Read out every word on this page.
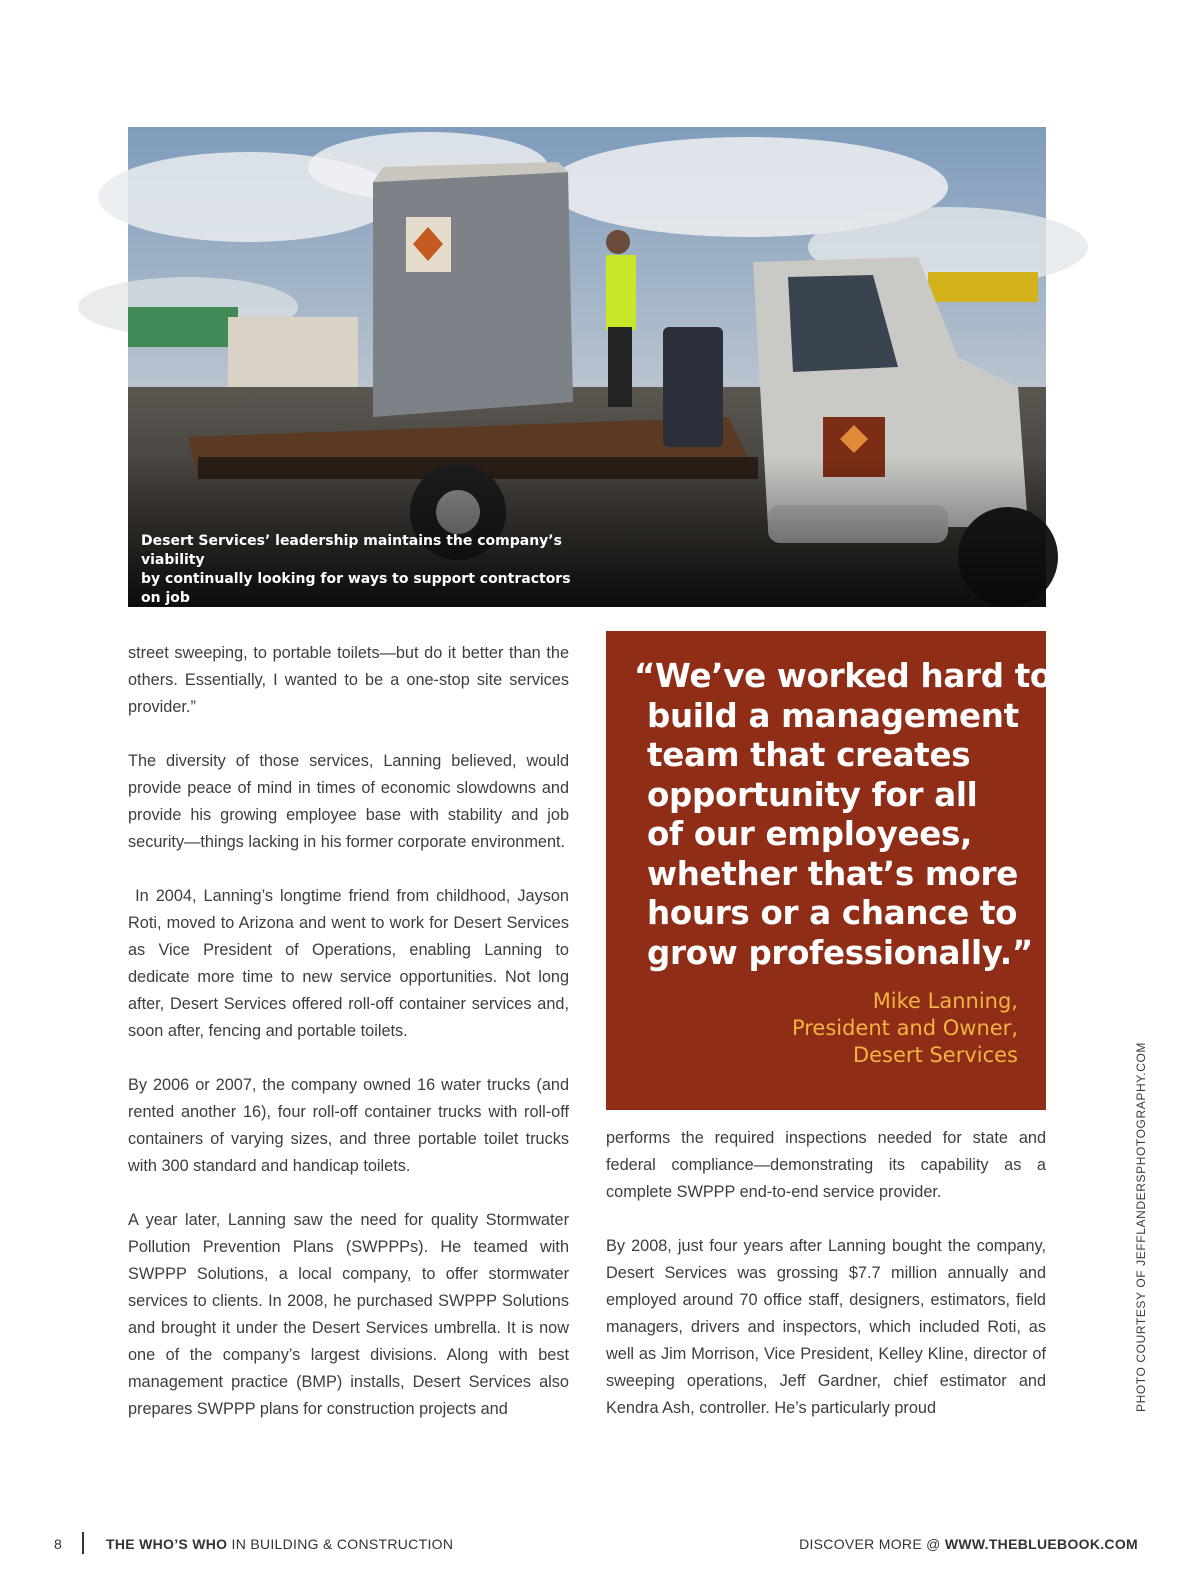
Desert Services’ leadership maintains the company’s viability
by continually looking for ways to support contractors on job
sites. Portable toilets is one such area.

street sweeping, to portable toilets—but do it better than the others. Essentially, I wanted to be a one-stop site services provider.”

The diversity of those services, Lanning believed, would provide peace of mind in times of economic slowdowns and provide his growing employee base with stability and job security—things lacking in his former corporate environment.

In 2004, Lanning’s longtime friend from childhood, Jayson Roti, moved to Arizona and went to work for Desert Services as Vice President of Operations, enabling Lanning to dedicate more time to new service opportunities. Not long after, Desert Services offered roll-off container services and, soon after, fencing and portable toilets.

By 2006 or 2007, the company owned 16 water trucks (and rented another 16), four roll-off container trucks with roll-off containers of varying sizes, and three portable toilet trucks with 300 standard and handicap toilets.

A year later, Lanning saw the need for quality Stormwater Pollution Prevention Plans (SWPPPs). He teamed with SWPPP Solutions, a local company, to offer stormwater services to clients. In 2008, he purchased SWPPP Solutions and brought it under the Desert Services umbrella. It is now one of the company’s largest divisions. Along with best management practice (BMP) installs, Desert Services also prepares SWPPP plans for construction projects and

“We’ve worked hard to
build a management
team that creates
opportunity for all
of our employees,
whether that’s more
hours or a chance to
grow professionally.”
Mike Lanning,
President and Owner,
Desert Services

performs the required inspections needed for state and federal compliance—demonstrating its capability as a complete SWPPP end-to-end service provider.

By 2008, just four years after Lanning bought the company, Desert Services was grossing $7.7 million annually and employed around 70 office staff, designers, estimators, field managers, drivers and inspectors, which included Roti, as well as Jim Morrison, Vice President, Kelley Kline, director of sweeping operations, Jeff Gardner, chief estimator and Kendra Ash, controller. He’s particularly proud	PHOTO COURTESY OF JEFFLANDERSPHOTOGRAPHY.COM
8	THE WHO’S WHO IN BUILDING & CONSTRUCTION	DISCOVER MORE @ WWW.THEBLUEBOOK.COM
